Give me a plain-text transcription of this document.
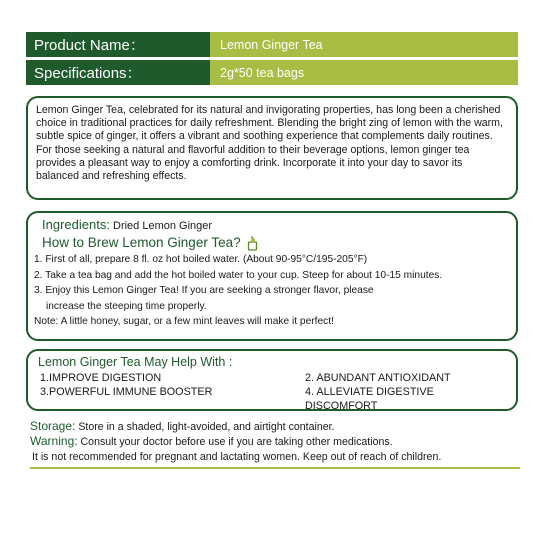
Product Name：	Lemon Ginger Tea
Specifications：	2g*50 tea bags
Lemon Ginger Tea, celebrated for its natural and invigorating properties, has long been a cherished choice in traditional practices for daily refreshment. Blending the bright zing of lemon with the warm, subtle spice of ginger, it offers a vibrant and soothing experience that complements daily routines. For those seeking a natural and flavorful addition to their beverage options, lemon ginger tea provides a pleasant way to enjoy a comforting drink. Incorporate it into your day to savor its balanced and refreshing effects.
Ingredients: Dried Lemon Ginger
How to Brew Lemon Ginger Tea?
1. First of all, prepare 8 fl. oz hot boiled water. (About 90-95°C/195-205°F)
2. Take a tea bag and add the hot boiled water to your cup. Steep for about 10-15 minutes.
3. Enjoy this Lemon Ginger Tea! If you are seeking a stronger flavor, please
increase the steeping time properly.
Note: A little honey, sugar, or a few mint leaves will make it perfect!
Lemon Ginger Tea May Help With :
1.IMPROVE DIGESTION	2. ABUNDANT ANTIOXIDANT
3.POWERFUL IMMUNE BOOSTER	4. ALLEVIATE DIGESTIVE DISCOMFORT
Storage: Store in a shaded, light-avoided, and airtight container.
Warning: Consult your doctor before use if you are taking other medications.
It is not recommended for pregnant and lactating women. Keep out of reach of children.
